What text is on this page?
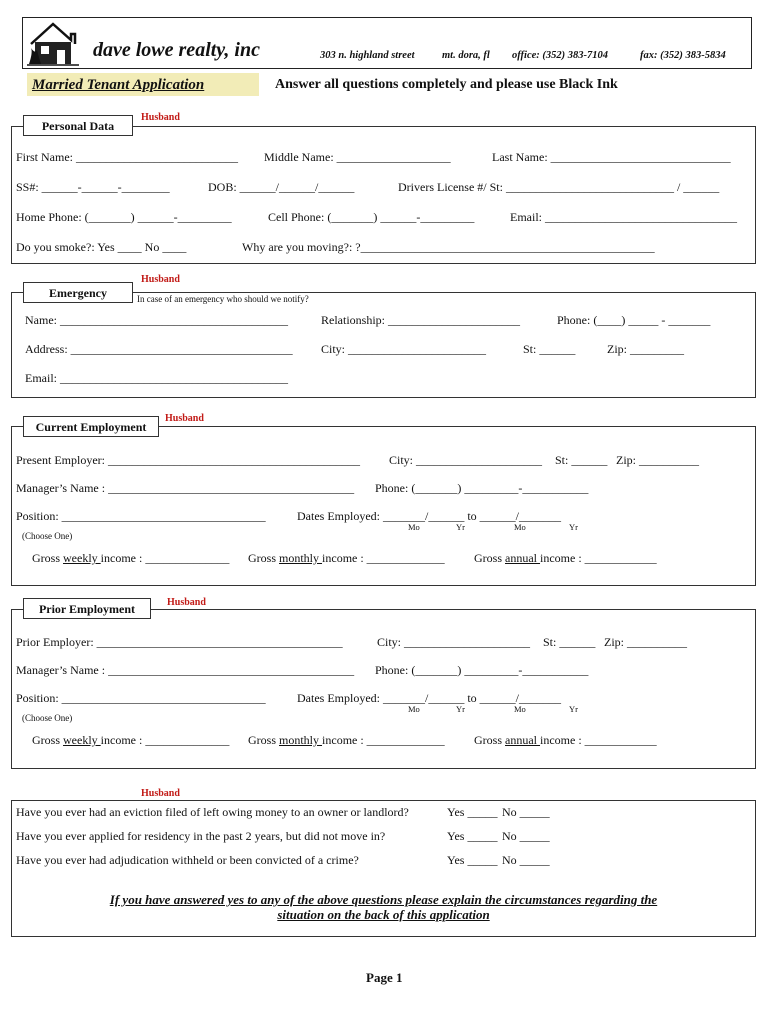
dave lowe realty, inc	303 n. highland street	mt. dora, fl office: (352) 383-7104	fax: (352) 383-5834
Married Tenant Application	Answer all questions completely and please use Black Ink
Personal Data
Husband
First Name: ___________________________ Middle Name: ___________________	Last Name: ______________________________
SS#: ______-______-________	DOB: ______/______/______	Drivers License #/ St: ____________________________ / ______
Home Phone: (_______) ______-_________	Cell Phone: (_______) ______-_________	Email: ________________________________
Do you smoke?: Yes ____ No ____	Why are you moving?: ?_________________________________________________
Emergency
Husband
In case of an emergency who should we notify?
Name: ______________________________________	Relationship: ______________________	Phone: (____) _____ - _______
Address: _____________________________________ City: _______________________	St: ______	Zip: _________
Email: ______________________________________
Current Employment
Husband
Present Employer: __________________________________________ City: _____________________ St: ______ Zip: __________
Manager’s Name : _________________________________________ Phone: (_______) _________-___________
Position: __________________________________	Dates Employed: _______/______ to ______/_______
Mo	Yr	Mo	Yr
(Choose One)
Gross weekly income : ______________ Gross monthly income : _____________ Gross annual income : ____________
Prior Employment	Husband
Prior Employer: _________________________________________	City: _____________________ St: ______ Zip: __________
Manager’s Name : _________________________________________ Phone: (_______) _________-___________
Position: __________________________________	Dates Employed: _______/______ to ______/_______
Mo	Yr	Mo	Yr
(Choose One)
Gross weekly income : ______________ Gross monthly income : _____________ Gross annual income : ____________
Husband
Have you ever had an eviction filed of left owing money to an owner or landlord?	Yes _____ No _____
Have you ever applied for residency in the past 2 years, but did not move in?	Yes _____ No _____
Have you ever had adjudication withheld or been convicted of a crime?	Yes _____ No _____
If you have answered yes to any of the above questions please explain the circumstances regarding the
situation on the back of this application
Page 1
